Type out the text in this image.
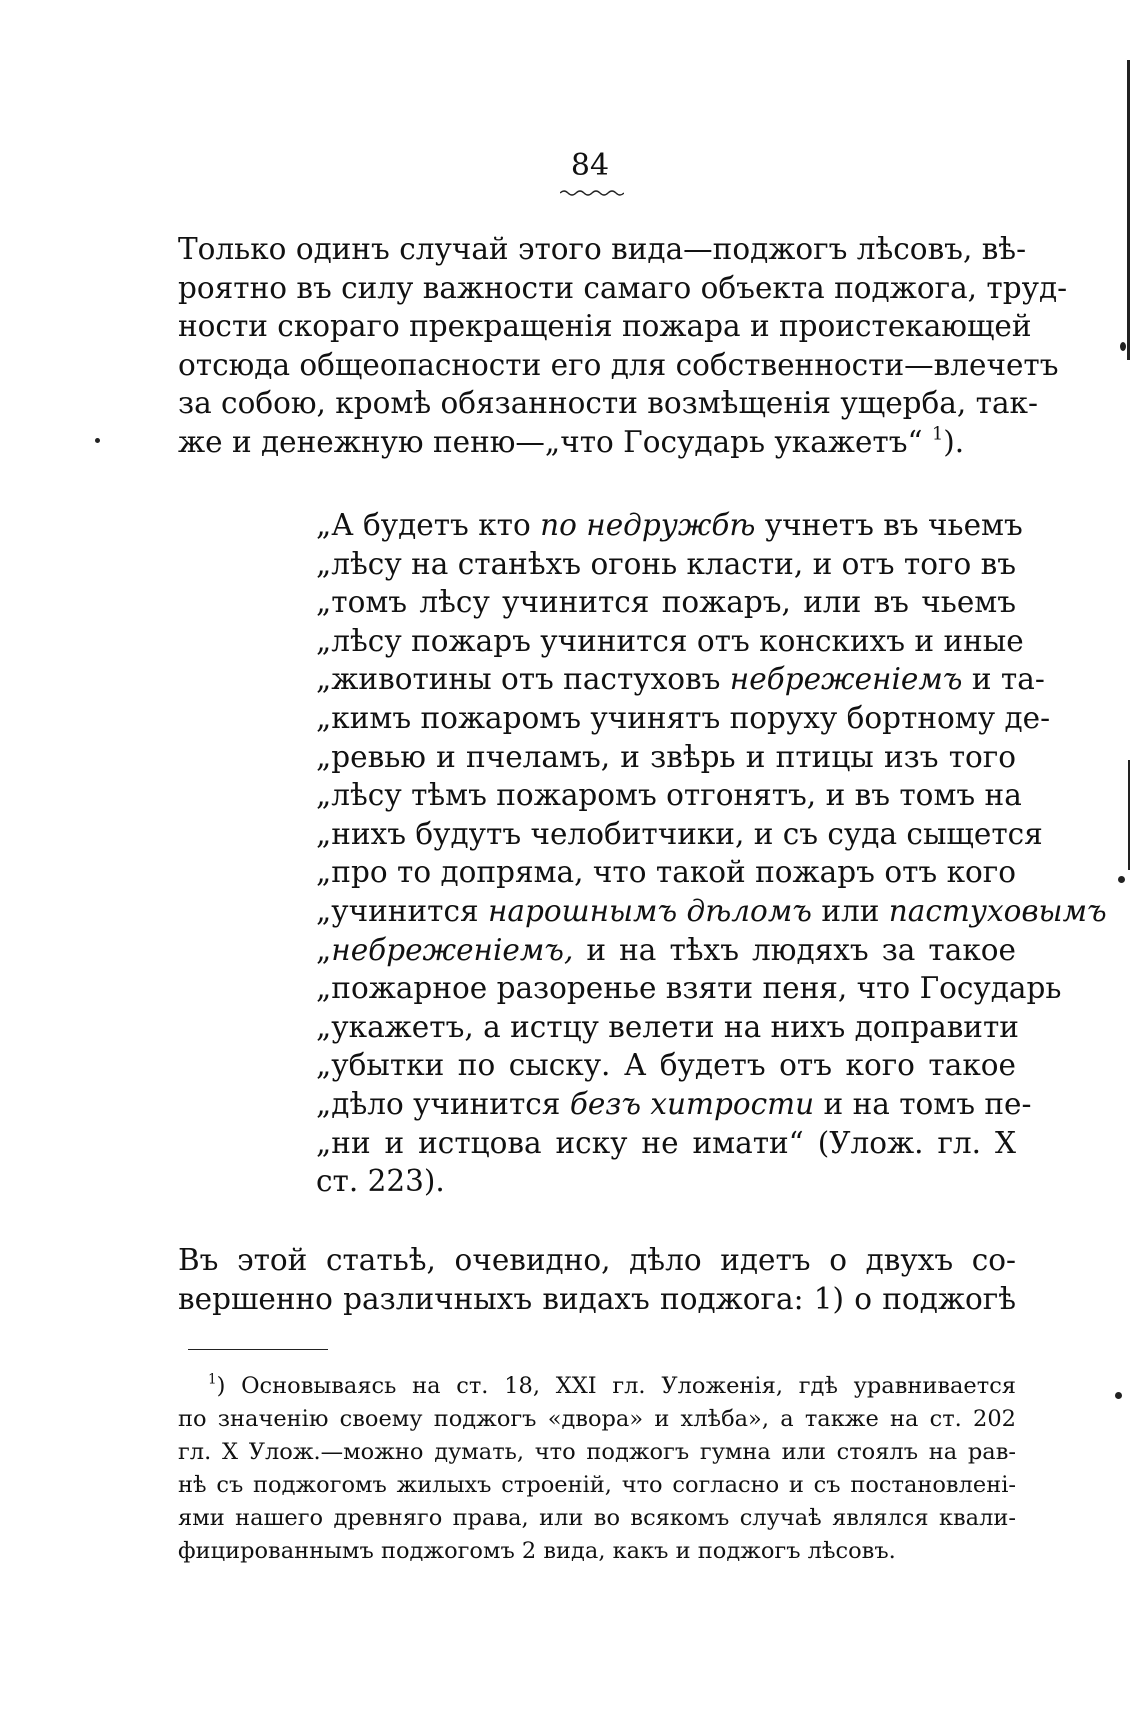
84
Только одинъ случай этого вида—поджогъ лѣсовъ, вѣ-
роятно въ силу важности самаго объекта поджога, труд-
ности скораго прекращенія пожара и проистекающей
отсюда общеопасности его для собственности—влечетъ
за собою, кромѣ обязанности возмѣщенія ущерба, так-
же и денежную пеню—„что Государь укажетъ“ $^1$).
„А будетъ кто по недружбѣ учнетъ въ чьемъ
„лѣсу на станѣхъ огонь класти, и отъ того въ
„томъ лѣсу учинится пожаръ, или въ чьемъ
„лѣсу пожаръ учинится отъ конскихъ и иные
„животины отъ пастуховъ небреженіемъ и та-
„кимъ пожаромъ учинятъ поруху бортному де-
„ревью и пчеламъ, и звѣрь и птицы изъ того
„лѣсу тѣмъ пожаромъ отгонятъ, и въ томъ на
„нихъ будутъ челобитчики, и съ суда сыщется
„про то допряма, что такой пожаръ отъ кого
„учинится нарошнымъ дѣломъ или пастуховымъ
„небреженіемъ, и на тѣхъ людяхъ за такое
„пожарное разоренье взяти пеня, что Государь
„укажетъ, а истцу велети на нихъ доправити
„убытки по сыску. А будетъ отъ кого такое
„дѣло учинится безъ хитрости и на томъ пе-
„ни и истцова иску не имати“ (Улож. гл. X
ст. 223).
Въ этой статьѣ, очевидно, дѣло идетъ о двухъ со-
вершенно различныхъ видахъ поджога: 1) о поджогѣ
$^1$) Основываясь на ст. 18, XXI гл. Уложенія, гдѣ уравнивается
по значенію своему поджогъ «двора» и хлѣба», а также на ст. 202
гл. X Улож.—можно думать, что поджогъ гумна или стоялъ на рав-
нѣ съ поджогомъ жилыхъ строеній, что согласно и съ постановлені-
ями нашего древняго права, или во всякомъ случаѣ являлся квали-
фицированнымъ поджогомъ 2 вида, какъ и поджогъ лѣсовъ.
